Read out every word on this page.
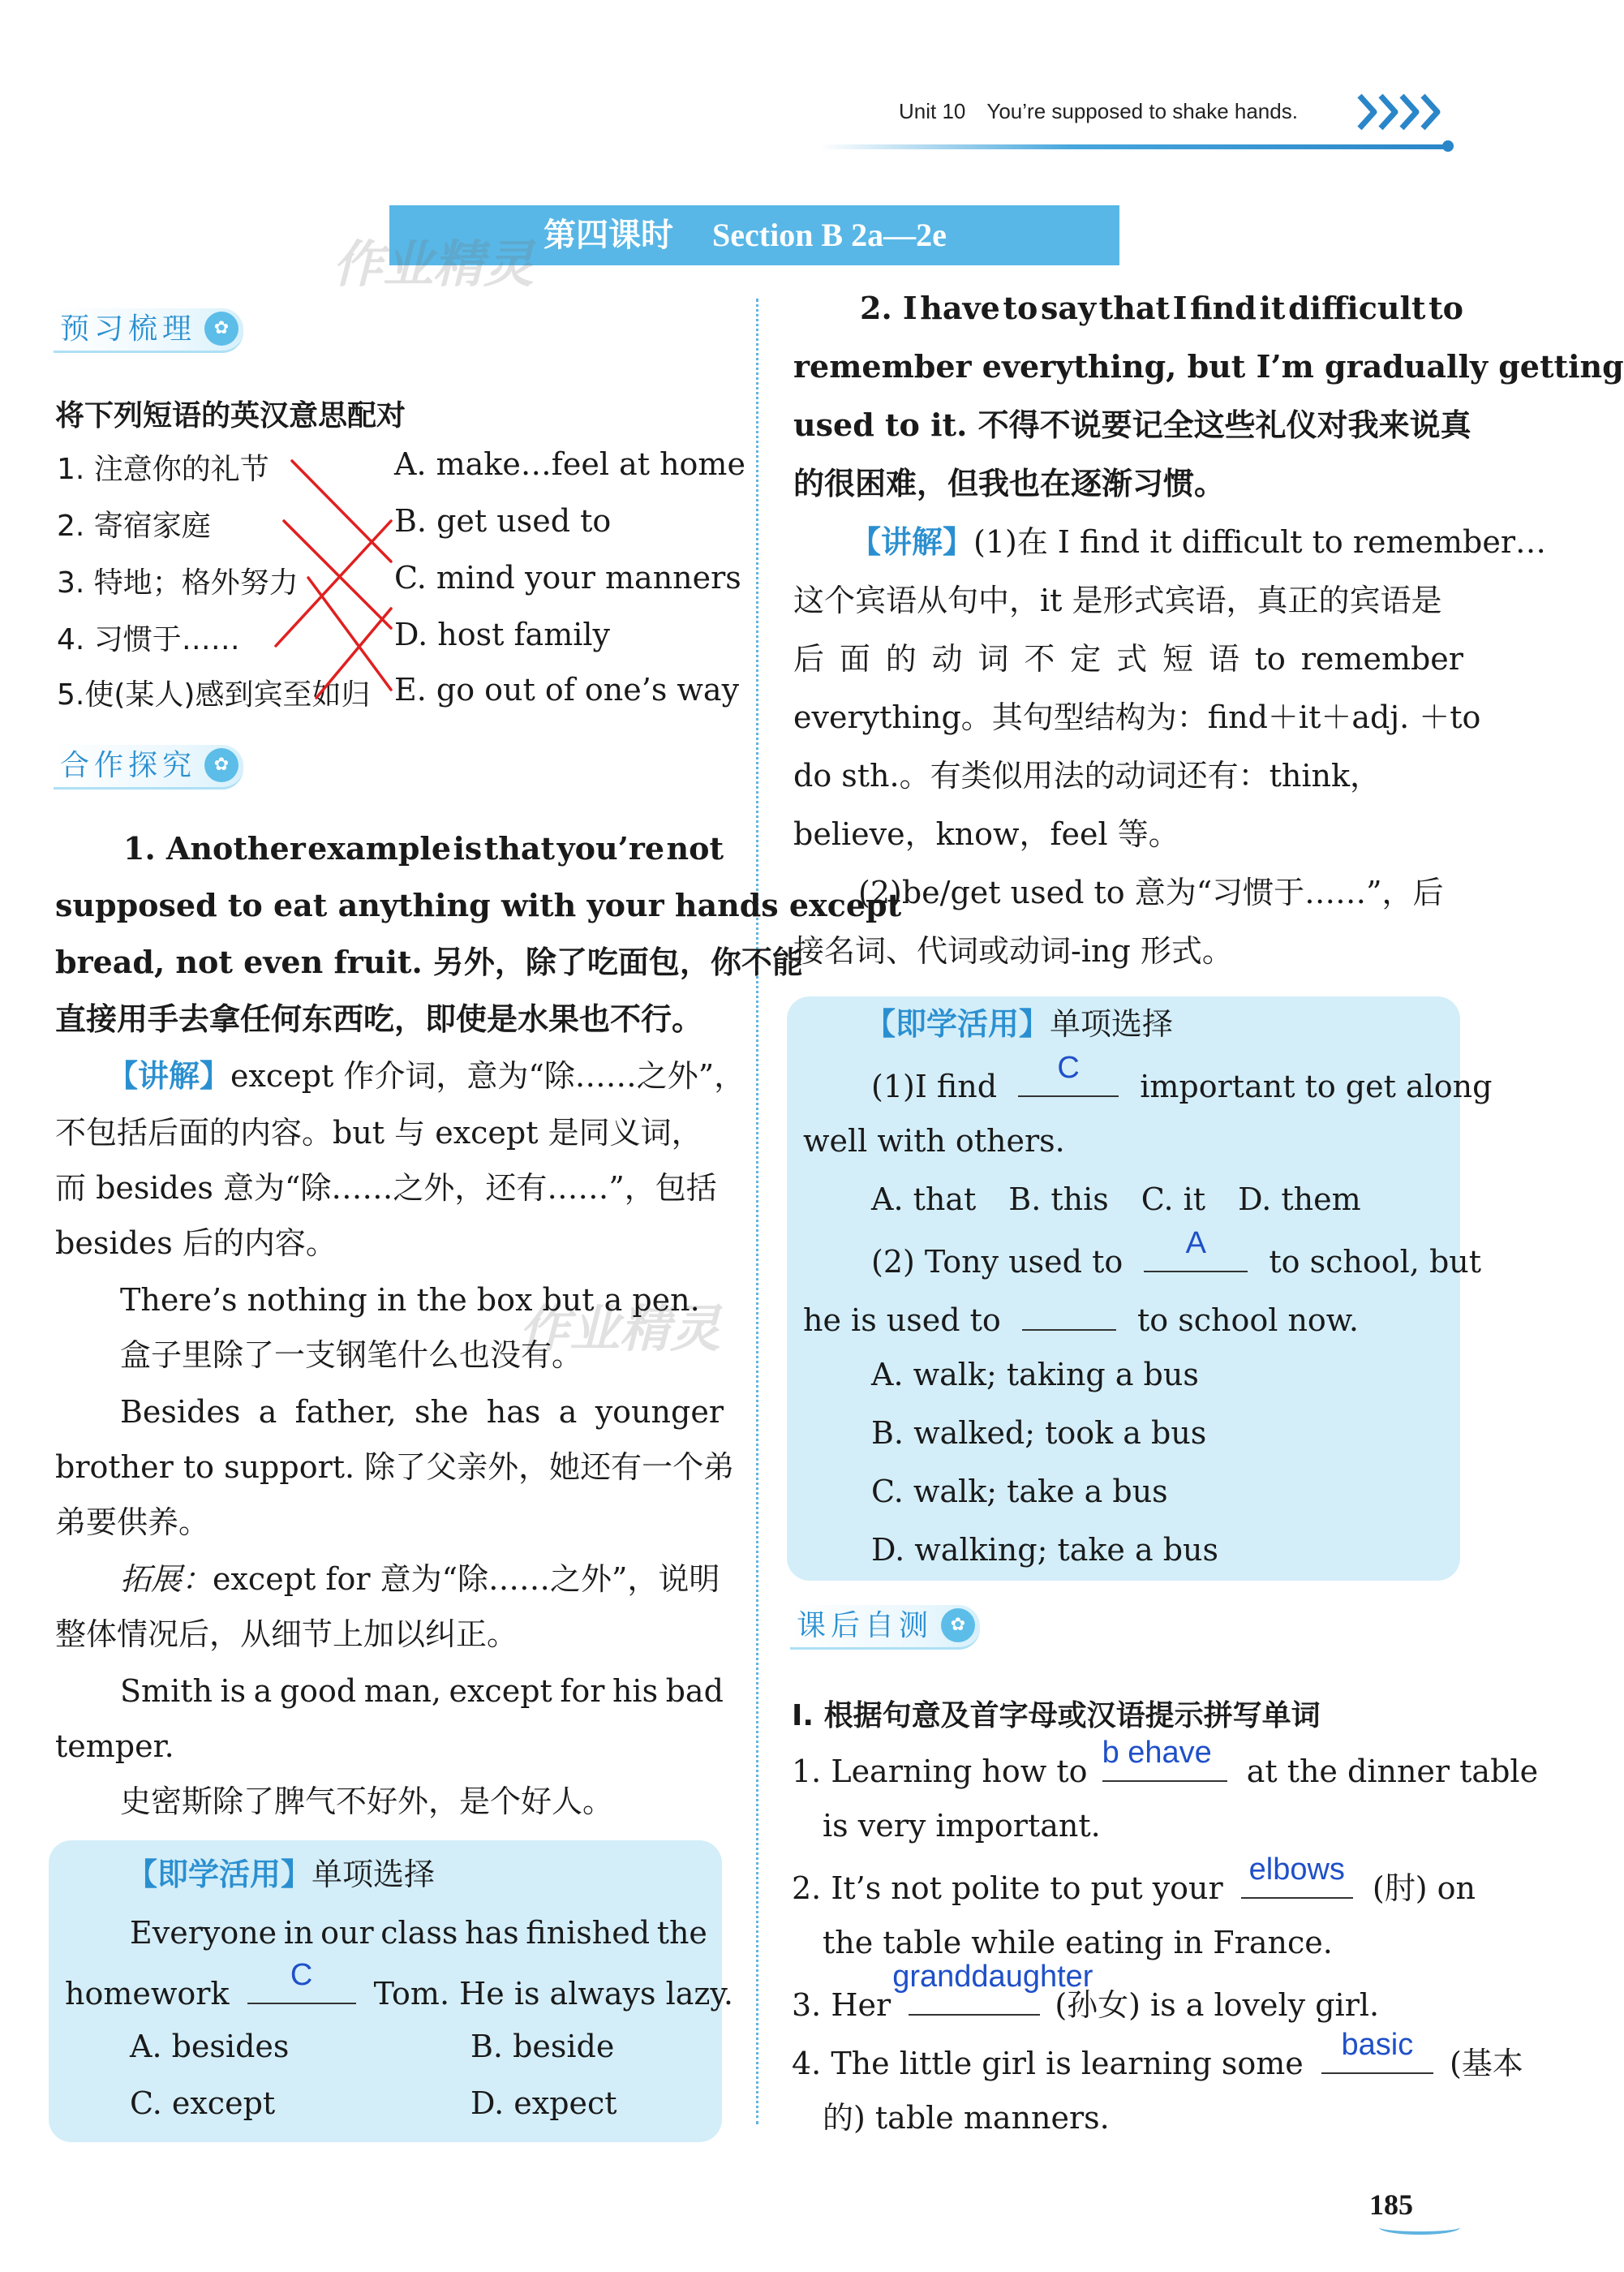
Unit 10 You’re supposed to shake hands.
第四课时 Section B 2a—2e
作业精灵
作业精灵
预习梳理 ✿
将下列短语的英汉意思配对
1. 注意你的礼节
2. 寄宿家庭
3. 特地；格外努力
4. 习惯于……
5.使(某人)感到宾至如归
A. make…feel at home
B. get used to
C. mind your manners
D. host family
E. go out of one’s way
合作探究 ✿
1. Another example is that you’re not
supposed to eat anything with your hands except
bread, not even fruit. 另外，除了吃面包，你不能
直接用手去拿任何东西吃，即使是水果也不行。
【讲解】except 作介词，意为“除……之外”，
不包括后面的内容。but 与 except 是同义词，
而 besides 意为“除……之外，还有……”，包括
besides 后的内容。
There’s nothing in the box but a pen.
盒子里除了一支钢笔什么也没有。
Besides a father, she has a younger
brother to support. 除了父亲外，她还有一个弟
弟要供养。
拓展：except for 意为“除……之外”，说明
整体情况后，从细节上加以纠正。
Smith is a good man, except for his bad
temper.
史密斯除了脾气不好外，是个好人。
【即学活用】单项选择
Everyone in our class has finished the
homework
C
Tom. He is always lazy.
A. besides	B. beside
C. except	D. expect
2. I have to say that I find it difficult to
remember everything, but I’m gradually getting
used to it. 不得不说要记全这些礼仪对我来说真
的很困难，但我也在逐渐习惯。
【讲解】(1)在 I find it difficult to remember…
这个宾语从句中，it 是形式宾语，真正的宾语是
后 面 的 动 词 不 定 式 短 语 to remember
everything。其句型结构为：find＋it＋adj. ＋to
do sth.。有类似用法的动词还有：think，
believe，know，feel 等。
(2)be/get used to 意为“习惯于……”，后
接名词、代词或动词-ing 形式。
【即学活用】单项选择
(1)I find
C
important to get along
well with others.
A. that B. this C. it D. them
(2) Tony used to
A
to school, but
he is used to	to school now.
A. walk; taking a bus
B. walked; took a bus
C. walk; take a bus
D. walking; take a bus
课后自测 ✿
Ⅰ. 根据句意及首字母或汉语提示拼写单词
1. Learning how to
b ehave
at the dinner table
is very important.
2. It’s not polite to put your
elbows
(肘) on
the table while eating in France.
3. Her
granddaughter
(孙女) is a lovely girl.
4. The little girl is learning some
basic
(基本
的) table manners.
185
